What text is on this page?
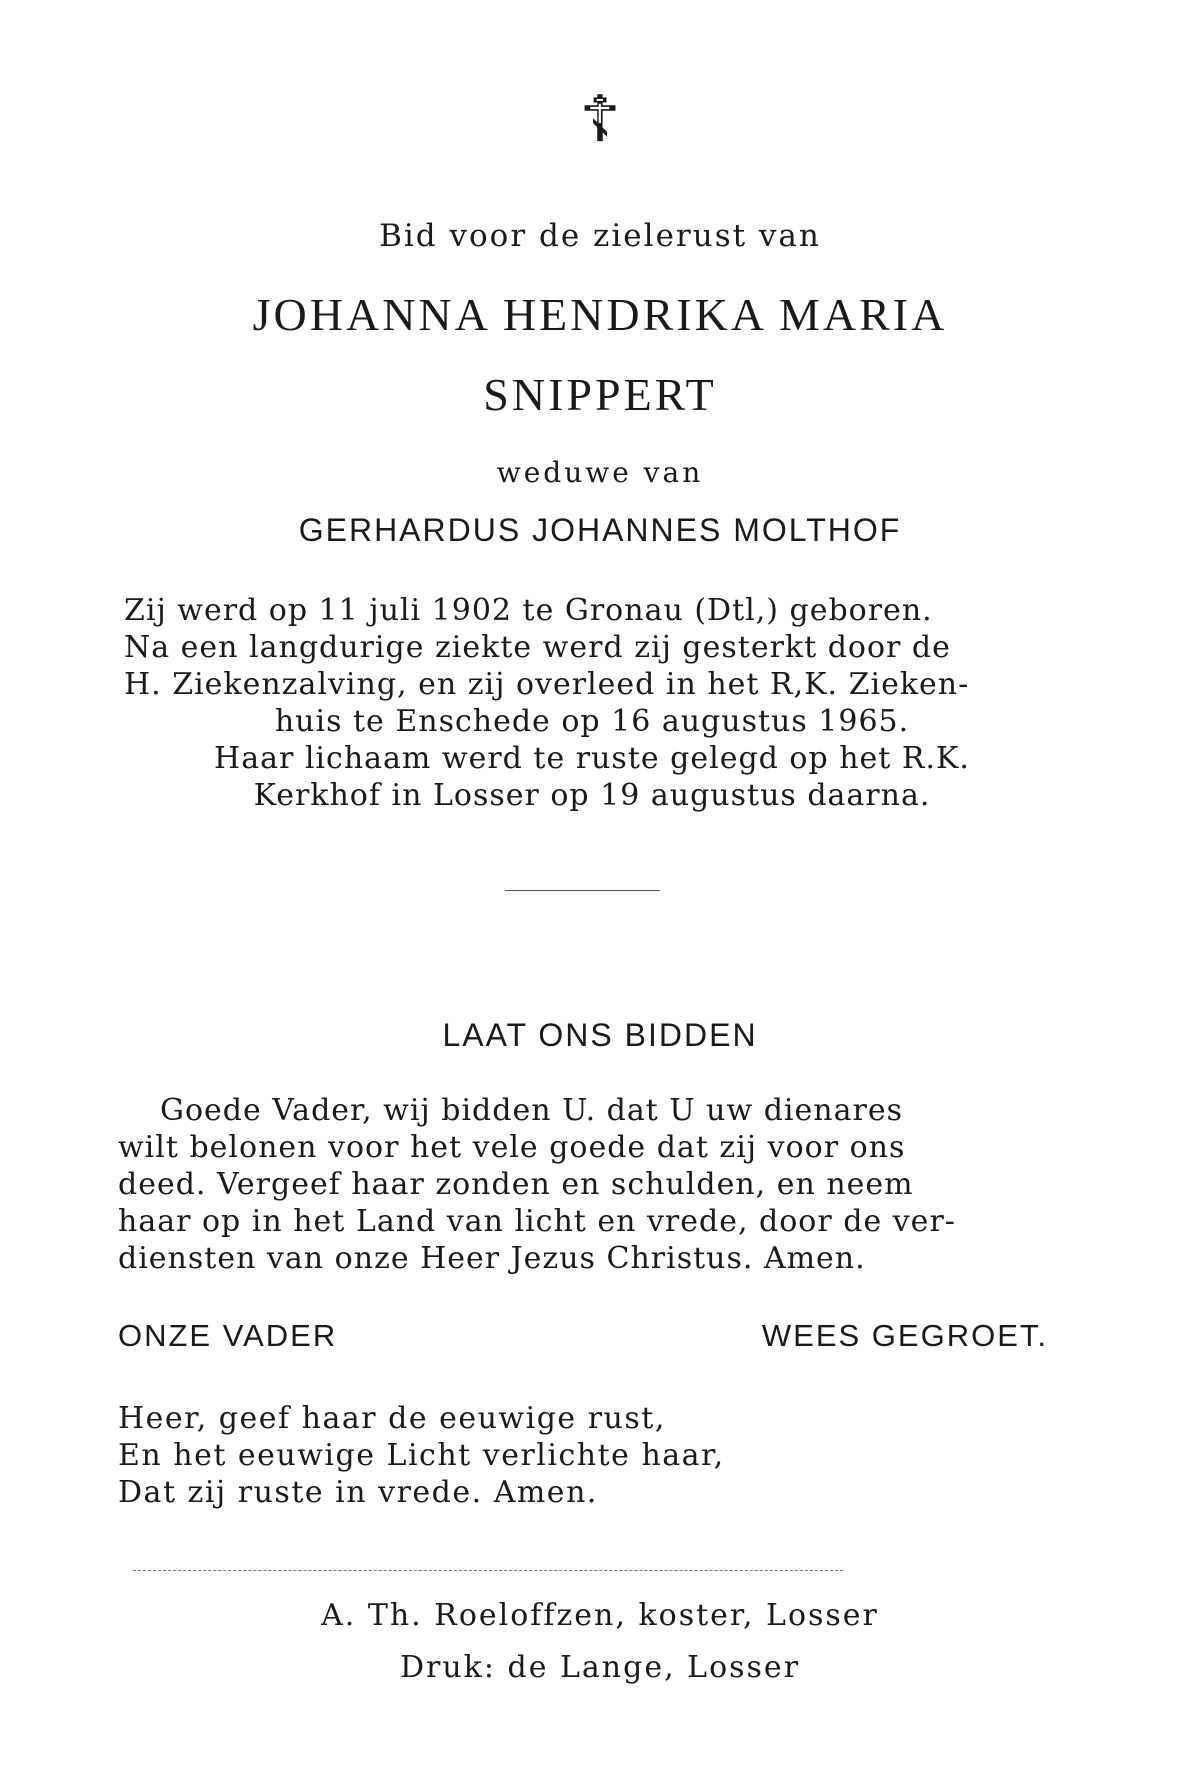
☦
Bid voor de zielerust van
JOHANNA HENDRIKA MARIA
SNIPPERT
weduwe van
GERHARDUS JOHANNES MOLTHOF
Zij werd op 11 juli 1902 te Gronau (Dtl,) geboren.
Na een langdurige ziekte werd zij gesterkt door de
H. Ziekenzalving, en zij overleed in het R,K. Zieken-
huis te Enschede op 16 augustus 1965.
Haar lichaam werd te ruste gelegd op het R.K.
Kerkhof in Losser op 19 augustus daarna.
LAAT ONS BIDDEN
Goede Vader, wij bidden U. dat U uw dienares
wilt belonen voor het vele goede dat zij voor ons
deed. Vergeef haar zonden en schulden, en neem
haar op in het Land van licht en vrede, door de ver-
diensten van onze Heer Jezus Christus. Amen.
ONZE VADER	WEES GEGROET.
Heer, geef haar de eeuwige rust,
En het eeuwige Licht verlichte haar,
Dat zij ruste in vrede. Amen.
A. Th. Roeloffzen, koster, Losser
Druk: de Lange, Losser
